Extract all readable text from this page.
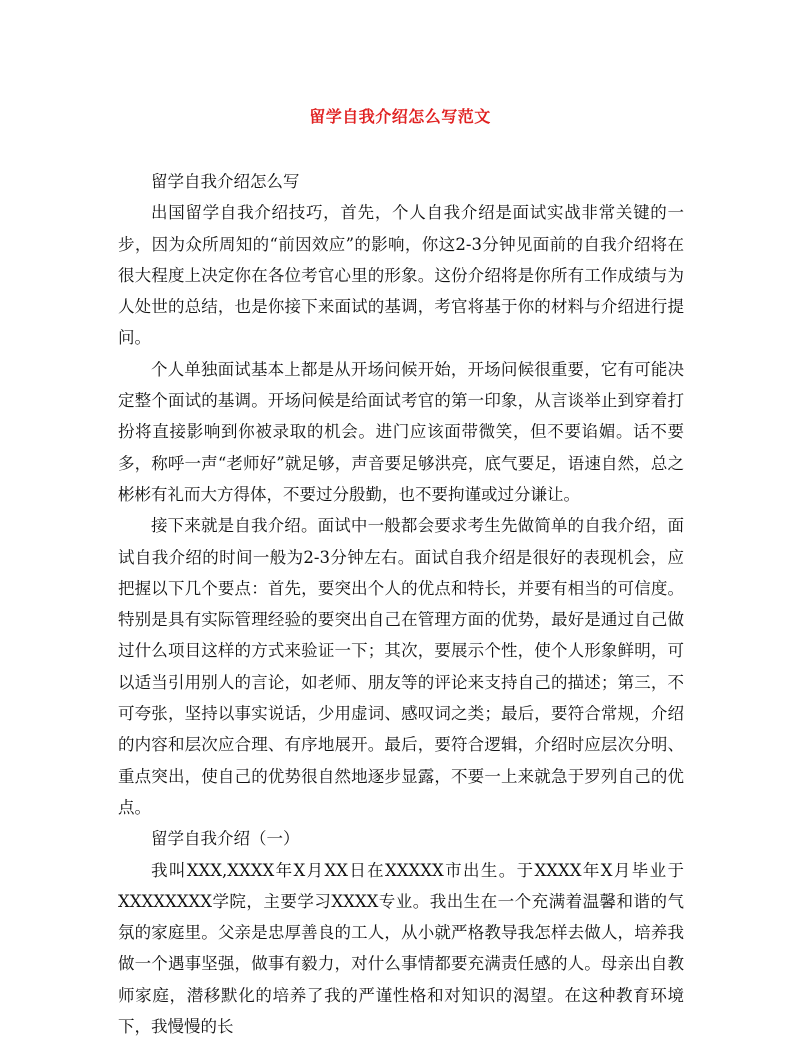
留学自我介绍怎么写范文

留学自我介绍怎么写

出国留学自我介绍技巧，首先，个人自我介绍是面试实战非常关键的一步，因为众所周知的“前因效应”的影响，你这2-3分钟见面前的自我介绍将在很大程度上决定你在各位考官心里的形象。这份介绍将是你所有工作成绩与为人处世的总结，也是你接下来面试的基调，考官将基于你的材料与介绍进行提问。

个人单独面试基本上都是从开场问候开始，开场问候很重要，它有可能决定整个面试的基调。开场问候是给面试考官的第一印象，从言谈举止到穿着打扮将直接影响到你被录取的机会。进门应该面带微笑，但不要谄媚。话不要多，称呼一声“老师好”就足够，声音要足够洪亮，底气要足，语速自然，总之彬彬有礼而大方得体，不要过分殷勤，也不要拘谨或过分谦让。

接下来就是自我介绍。面试中一般都会要求考生先做简单的自我介绍，面试自我介绍的时间一般为2-3分钟左右。面试自我介绍是很好的表现机会，应把握以下几个要点：首先，要突出个人的优点和特长，并要有相当的可信度。特别是具有实际管理经验的要突出自己在管理方面的优势，最好是通过自己做过什么项目这样的方式来验证一下；其次，要展示个性，使个人形象鲜明，可以适当引用别人的言论，如老师、朋友等的评论来支持自己的描述；第三，不可夸张，坚持以事实说话，少用虚词、感叹词之类；最后，要符合常规，介绍的内容和层次应合理、有序地展开。最后，要符合逻辑，介绍时应层次分明、重点突出，使自己的优势很自然地逐步显露，不要一上来就急于罗列自己的优点。

留学自我介绍（一）

我叫XXX,XXXX年X月XX日在XXXXX市出生。于XXXX年X月毕业于XXXXXXXX学院，主要学习XXXX专业。我出生在一个充满着温馨和谐的气氛的家庭里。父亲是忠厚善良的工人，从小就严格教导我怎样去做人，培养我做一个遇事坚强，做事有毅力，对什么事情都要充满责任感的人。母亲出自教师家庭，潜移默化的培养了我的严谨性格和对知识的渴望。在这种教育环境下，我慢慢的长
